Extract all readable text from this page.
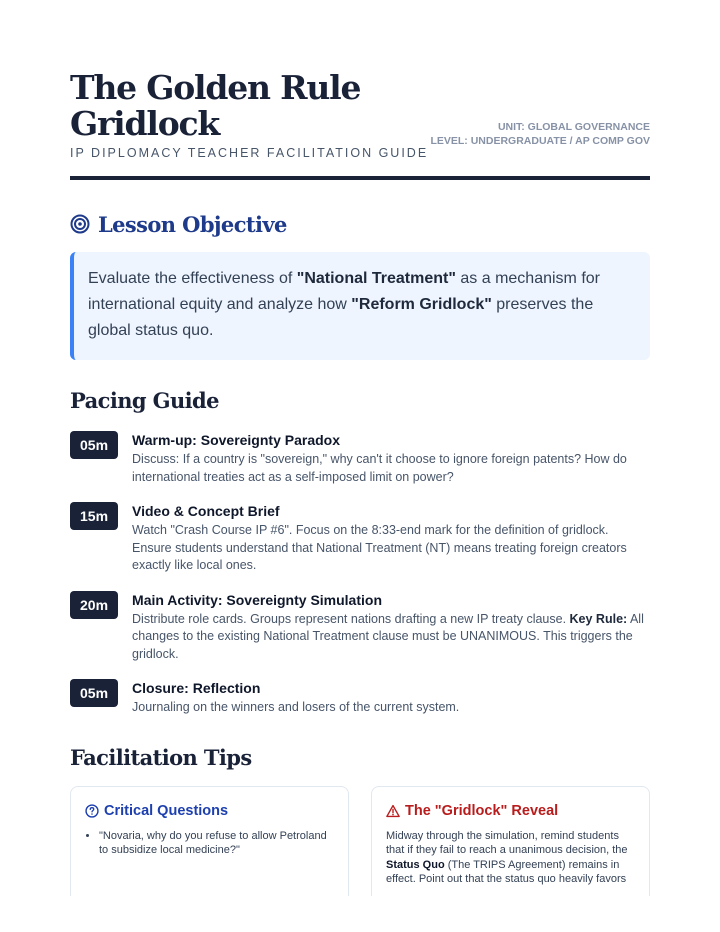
The Golden Rule Gridlock
IP DIPLOMACY TEACHER FACILITATION GUIDE
UNIT: GLOBAL GOVERNANCE
LEVEL: UNDERGRADUATE / AP COMP GOV
Lesson Objective
Evaluate the effectiveness of "National Treatment" as a mechanism for international equity and analyze how "Reform Gridlock" preserves the global status quo.
Pacing Guide
05m	Warm-up: Sovereignty Paradox
Discuss: If a country is "sovereign," why can't it choose to ignore foreign patents? How do international treaties act as a self-imposed limit on power?
15m	Video & Concept Brief
Watch "Crash Course IP #6". Focus on the 8:33-end mark for the definition of gridlock. Ensure students understand that National Treatment (NT) means treating foreign creators exactly like local ones.
20m	Main Activity: Sovereignty Simulation
Distribute role cards. Groups represent nations drafting a new IP treaty clause. Key Rule: All changes to the existing National Treatment clause must be UNANIMOUS. This triggers the gridlock.
05m	Closure: Reflection
Journaling on the winners and losers of the current system.
Facilitation Tips
Critical Questions
• "Novaria, why do you refuse to allow Petroland to subsidize local medicine?"
The "Gridlock" Reveal
Midway through the simulation, remind students that if they fail to reach a unanimous decision, the Status Quo (The TRIPS Agreement) remains in effect. Point out that the status quo heavily favors
